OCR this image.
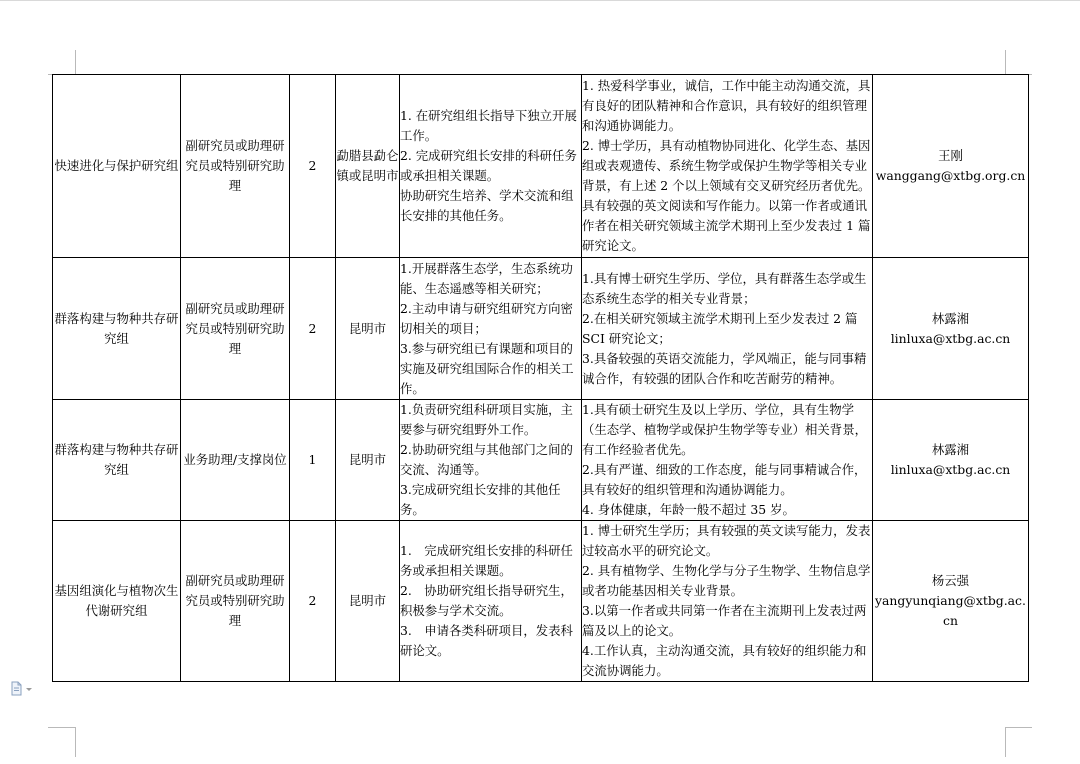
快速进化与保护研究组	副研究员或助理研究员或特别研究助理	2	勐腊县勐仑镇或昆明市	1. 在研究组组长指导下独立开展工作。
2. 完成研究组长安排的科研任务或承担相关课题。
协助研究生培养、学术交流和组长安排的其他任务。	1. 热爱科学事业，诚信，工作中能主动沟通交流，具有良好的团队精神和合作意识，具有较好的组织管理和沟通协调能力。
2. 博士学历，具有动植物协同进化、化学生态、基因组或表观遗传、系统生物学或保护生物学等相关专业背景，有上述 2 个以上领域有交叉研究经历者优先。
具有较强的英文阅读和写作能力。以第一作者或通讯作者在相关研究领域主流学术期刊上至少发表过 1 篇研究论文。	王刚
wanggang@xtbg.org.cn

群落构建与物种共存研究组	副研究员或助理研究员或特别研究助理	2	昆明市	1.开展群落生态学，生态系统功能、生态遥感等相关研究；
2.主动申请与研究组研究方向密切相关的项目；
3.参与研究组已有课题和项目的实施及研究组国际合作的相关工作。	1.具有博士研究生学历、学位，具有群落生态学或生态系统生态学的相关专业背景；
2.在相关研究领域主流学术期刊上至少发表过 2 篇 SCI 研究论文；
3.具备较强的英语交流能力，学风端正，能与同事精诚合作，有较强的团队合作和吃苦耐劳的精神。	林露湘
linluxa@xtbg.ac.cn

群落构建与物种共存研究组	业务助理/支撑岗位	1	昆明市	1.负责研究组科研项目实施，主要参与研究组野外工作。
2.协助研究组与其他部门之间的交流、沟通等。
3.完成研究组长安排的其他任务。	1.具有硕士研究生及以上学历、学位，具有生物学（生态学、植物学或保护生物学等专业）相关背景，有工作经验者优先。
2.具有严谨、细致的工作态度，能与同事精诚合作，具有较好的组织管理和沟通协调能力。
4. 身体健康，年龄一般不超过 35 岁。	林露湘
linluxa@xtbg.ac.cn

基因组演化与植物次生代谢研究组	副研究员或助理研究员或特别研究助理	2	昆明市	1.　完成研究组长安排的科研任务或承担相关课题。
2.　协助研究组长指导研究生，积极参与学术交流。
3.　申请各类科研项目，发表科研论文。	1. 博士研究生学历；具有较强的英文读写能力，发表过较高水平的研究论文。
2. 具有植物学、生物化学与分子生物学、生物信息学或者功能基因相关专业背景。
3.以第一作者或共同第一作者在主流期刊上发表过两篇及以上的论文。
4.工作认真，主动沟通交流，具有较好的组织能力和交流协调能力。	杨云强
yangyunqiang@xtbg.ac.cn
